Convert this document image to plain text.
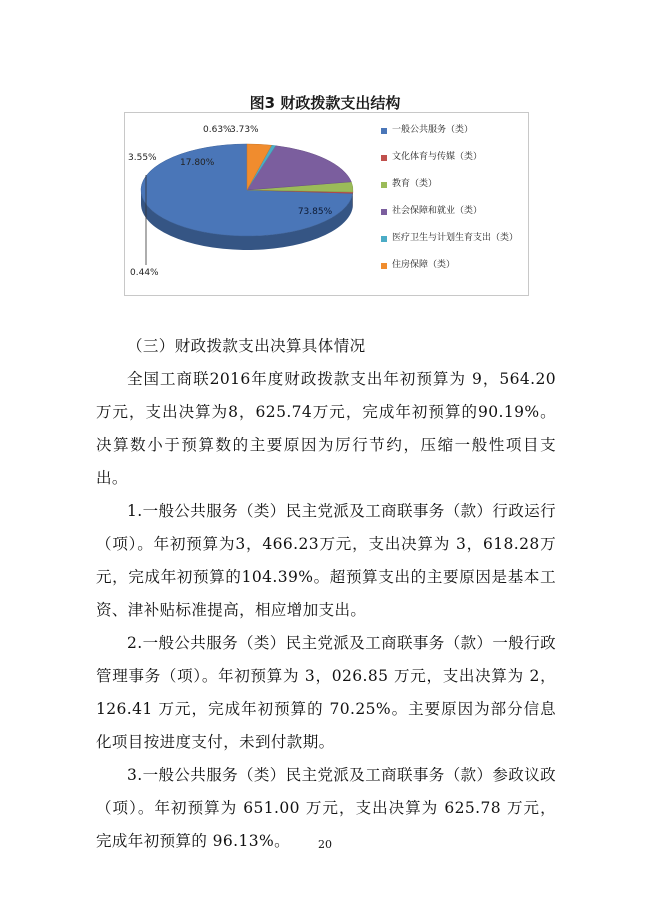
图3 财政拨款支出结构
73.85%
0.44%
3.55%	17.80%
0.63%
3.73%	一般公共服务（类）
文化体育与传媒（类）
教育（类）
社会保障和就业（类）
医疗卫生与计划生育支出（类）
住房保障（类）

（三）财政拨款支出决算具体情况

全国工商联2016年度财政拨款支出年初预算为 9，564.20 万元，支出决算为8，625.74万元，完成年初预算的90.19%。决算数小于预算数的主要原因为厉行节约，压缩一般性项目支出。

1.一般公共服务（类）民主党派及工商联事务（款）行政运行（项）。年初预算为3，466.23万元，支出决算为 3，618.28万元，完成年初预算的104.39%。超预算支出的主要原因是基本工资、津补贴标准提高，相应增加支出。

2.一般公共服务（类）民主党派及工商联事务（款）一般行政管理事务（项）。年初预算为 3，026.85 万元，支出决算为 2，126.41 万元，完成年初预算的 70.25%。主要原因为部分信息化项目按进度支付，未到付款期。

3.一般公共服务（类）民主党派及工商联事务（款）参政议政（项）。年初预算为 651.00 万元，支出决算为 625.78 万元，完成年初预算的 96.13%。	20
